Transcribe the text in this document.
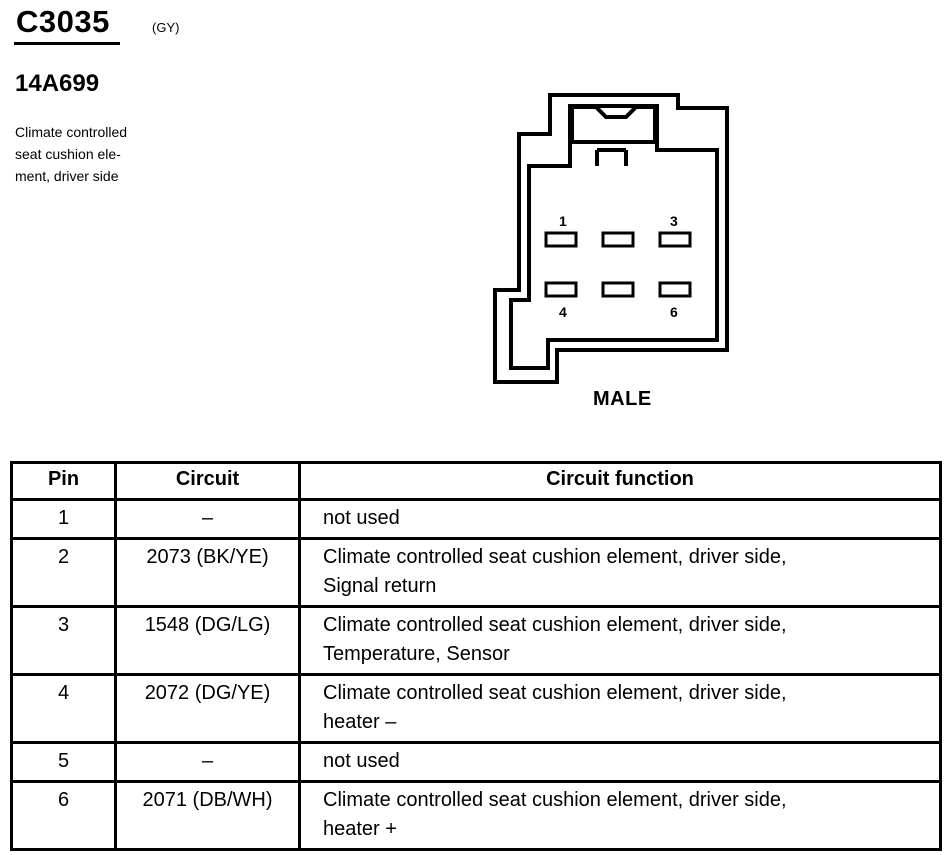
C3035	(GY)
14A699
Climate controlled
seat cushion ele-
ment, driver side
1	3
4	6
MALE
Pin	Circuit	Circuit function
1	–	not used
2	2073 (BK/YE)	Climate controlled seat cushion element, driver side,
Signal return
3	1548 (DG/LG)	Climate controlled seat cushion element, driver side,
Temperature, Sensor
4	2072 (DG/YE)	Climate controlled seat cushion element, driver side,
heater –
5	–	not used
6	2071 (DB/WH)	Climate controlled seat cushion element, driver side,
heater +
